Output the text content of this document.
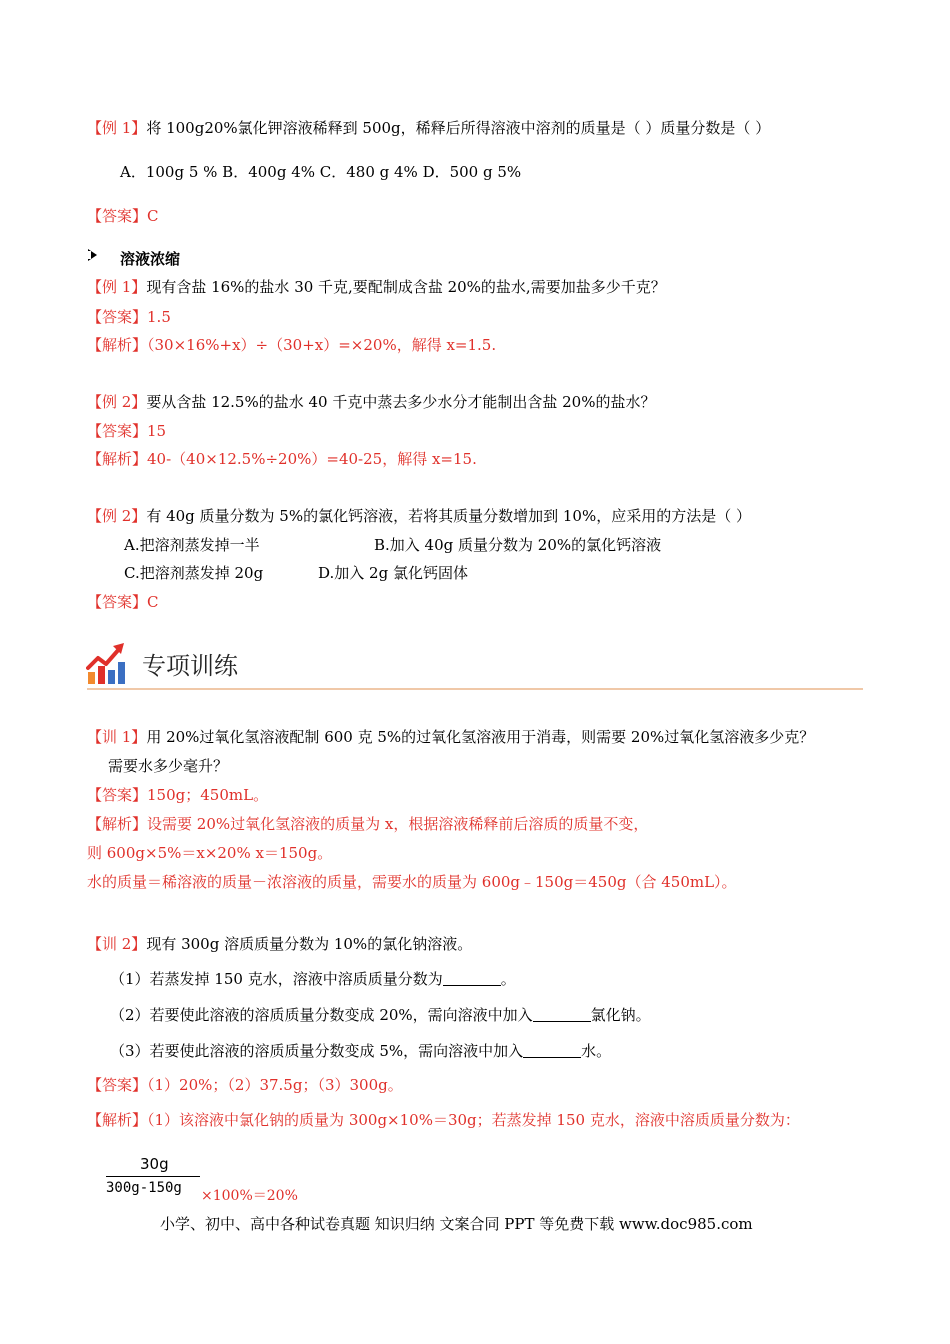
【例 1】将 100g20%氯化钾溶液稀释到 500g，稀释后所得溶液中溶剂的质量是（ ）质量分数是（ ）
A．100g 5 % B．400g 4% C．480 g 4% D．500 g 5%
【答案】C
溶液浓缩
【例 1】现有含盐 16%的盐水 30 千克,要配制成含盐 20%的盐水,需要加盐多少千克？
【答案】1.5
【解析】（30×16%+x）÷（30+x）=×20%，解得 x=1.5.
【例 2】要从含盐 12.5%的盐水 40 千克中蒸去多少水分才能制出含盐 20%的盐水？
【答案】15
【解析】40-（40×12.5%÷20%）=40-25，解得 x=15.
【例 2】有 40g 质量分数为 5%的氯化钙溶液，若将其质量分数增加到 10%，应采用的方法是（ ）
A.把溶剂蒸发掉一半	B.加入 40g 质量分数为 20%的氯化钙溶液
C.把溶剂蒸发掉 20g	D.加入 2g 氯化钙固体
【答案】C
专项训练
【训 1】用 20%过氧化氢溶液配制 600 克 5%的过氧化氢溶液用于消毒，则需要 20%过氧化氢溶液多少克？
需要水多少毫升？
【答案】150g；450mL。
【解析】设需要 20%过氧化氢溶液的质量为 x，根据溶液稀释前后溶质的质量不变，
则 600g×5%＝x×20% x＝150g。
水的质量＝稀溶液的质量－浓溶液的质量，需要水的质量为 600g﹣150g＝450g（合 450mL）。
【训 2】现有 300g 溶质质量分数为 10%的氯化钠溶液。
（1）若蒸发掉 150 克水，溶液中溶质质量分数为	。
（2）若要使此溶液的溶质质量分数变成 20%，需向溶液中加入	氯化钠。
（3）若要使此溶液的溶质质量分数变成 5%，需向溶液中加入	水。
【答案】（1）20%；（2）37.5g；（3）300g。
【解析】（1）该溶液中氯化钠的质量为 300g×10%＝30g；若蒸发掉 150 克水，溶液中溶质质量分数为：
30g
300g-150g ×100%＝20%
小学、初中、高中各种试卷真题 知识归纳 文案合同 PPT 等免费下载 www.doc985.com
